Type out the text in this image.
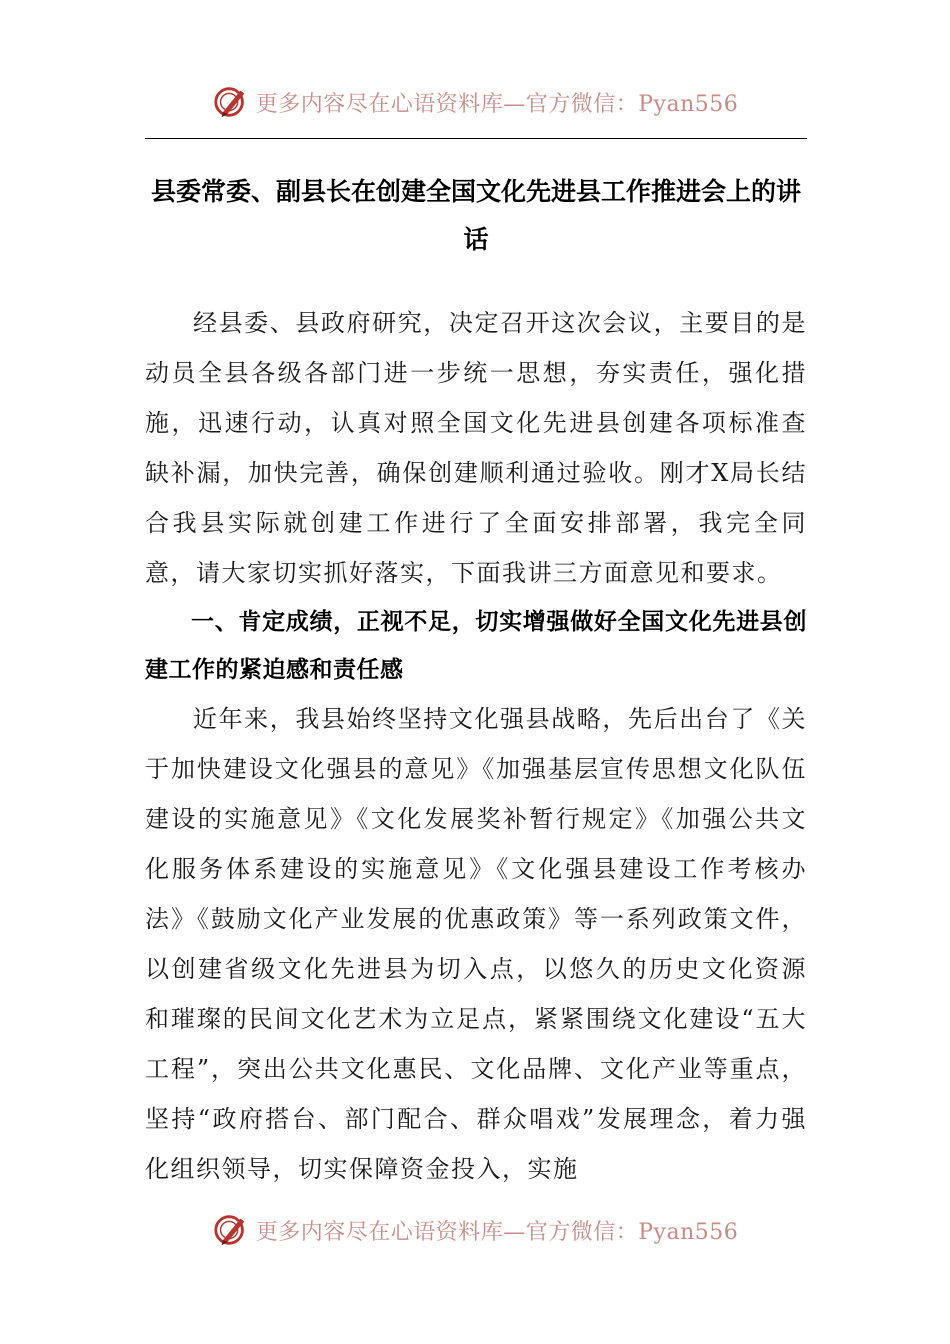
更多内容尽在心语资料库—官方微信：Pyan556
县委常委、副县长在创建全国文化先进县工作推进会上的讲话

经县委、县政府研究，决定召开这次会议，主要目的是动员全县各级各部门进一步统一思想，夯实责任，强化措施，迅速行动，认真对照全国文化先进县创建各项标准查缺补漏，加快完善，确保创建顺利通过验收。刚才X局长结合我县实际就创建工作进行了全面安排部署，我完全同意，请大家切实抓好落实，下面我讲三方面意见和要求。

一、肯定成绩，正视不足，切实增强做好全国文化先进县创建工作的紧迫感和责任感

近年来，我县始终坚持文化强县战略，先后出台了《关于加快建设文化强县的意见》《加强基层宣传思想文化队伍建设的实施意见》《文化发展奖补暂行规定》《加强公共文化服务体系建设的实施意见》《文化强县建设工作考核办法》《鼓励文化产业发展的优惠政策》等一系列政策文件，以创建省级文化先进县为切入点，以悠久的历史文化资源和璀璨的民间文化艺术为立足点，紧紧围绕文化建设“五大工程”，突出公共文化惠民、文化品牌、文化产业等重点，坚持“政府搭台、部门配合、群众唱戏”发展理念，着力强化组织领导，切实保障资金投入，实施

更多内容尽在心语资料库—官方微信：Pyan556
